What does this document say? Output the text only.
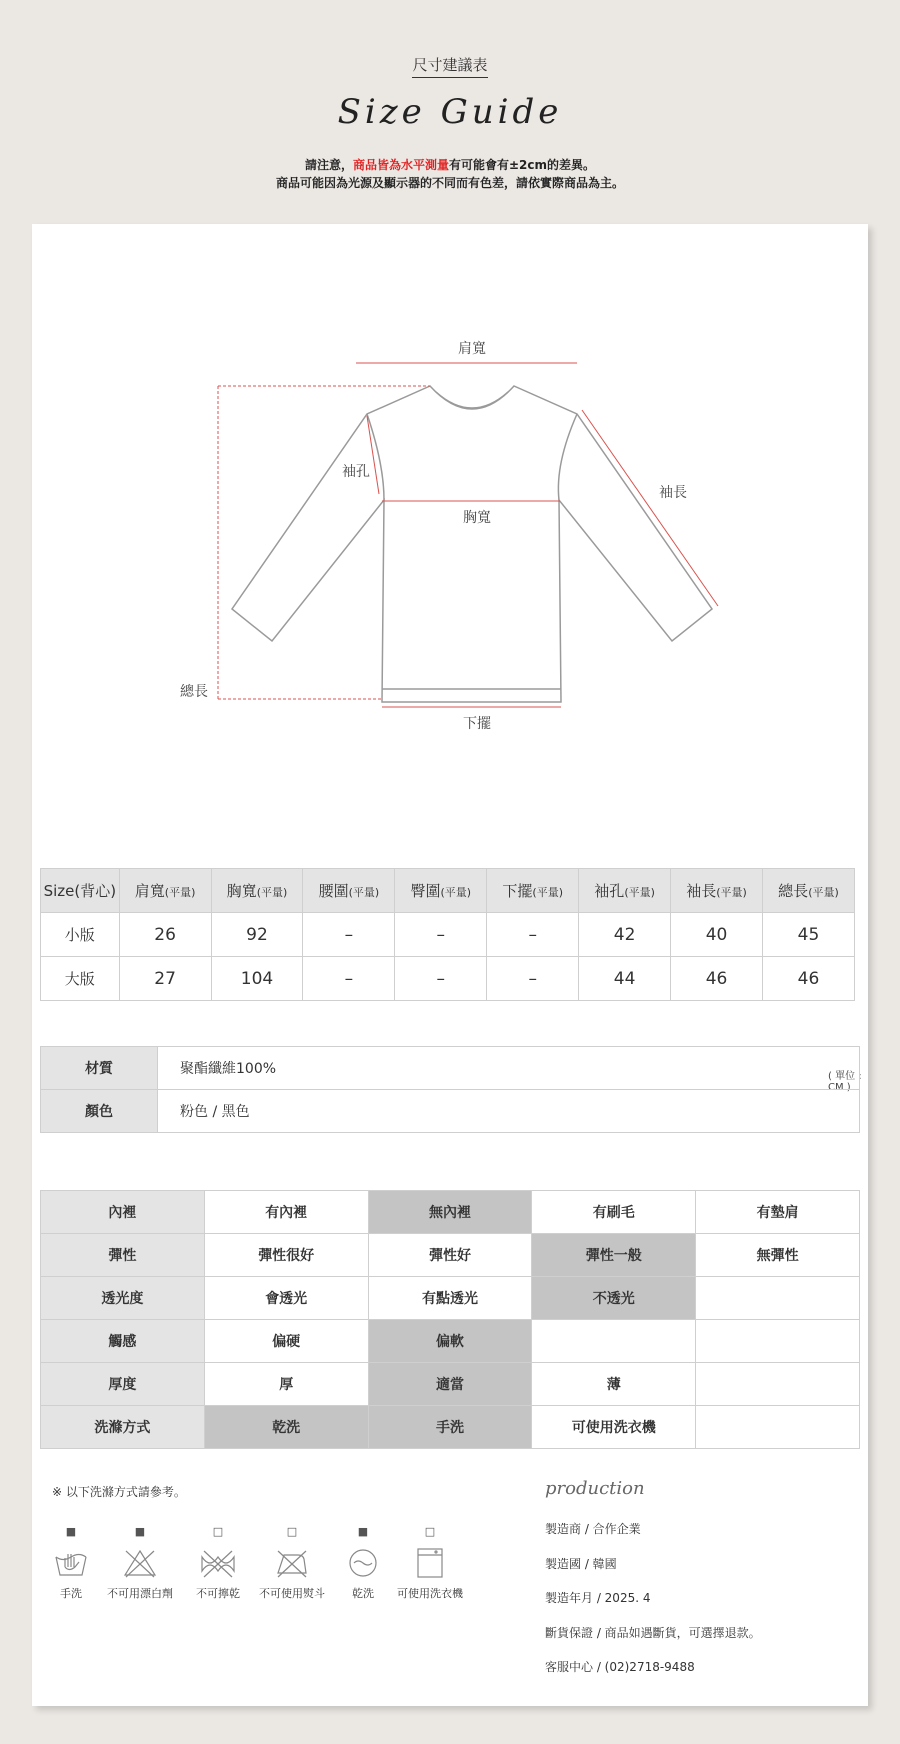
尺寸建議表
Size Guide
請注意，商品皆為水平測量有可能會有±2cm的差異。
商品可能因為光源及顯示器的不同而有色差，請依實際商品為主。
肩寬
袖孔
袖長
胸寬
總長
下擺
( 單位 : CM )
Size(背心)	肩寬(平量)	胸寬(平量)	腰圍(平量)	臀圍(平量)	下擺(平量)	袖孔(平量)	袖長(平量)	總長(平量)
小版	26	92	–	–	–	42	40	45
大版	27	104	–	–	–	44	46	46
材質	聚酯纖維100%
顏色	粉色 / 黑色
內裡	有內裡	無內裡	有刷毛	有墊肩
彈性	彈性很好	彈性好	彈性一般	無彈性
透光度	會透光	有點透光	不透光	
觸感	偏硬	偏軟		
厚度	厚	適當	薄	
洗滌方式	乾洗	手洗	可使用洗衣機	
※ 以下洗滌方式請參考。
■
手洗
■
不可用漂白劑
□
不可擰乾
□
不可使用熨斗
■
乾洗
□
可使用洗衣機
production
製造商 / 合作企業
製造國 / 韓國
製造年月 / 2025. 4
斷貨保證 / 商品如遇斷貨，可選擇退款。
客服中心 / (02)2718-9488
